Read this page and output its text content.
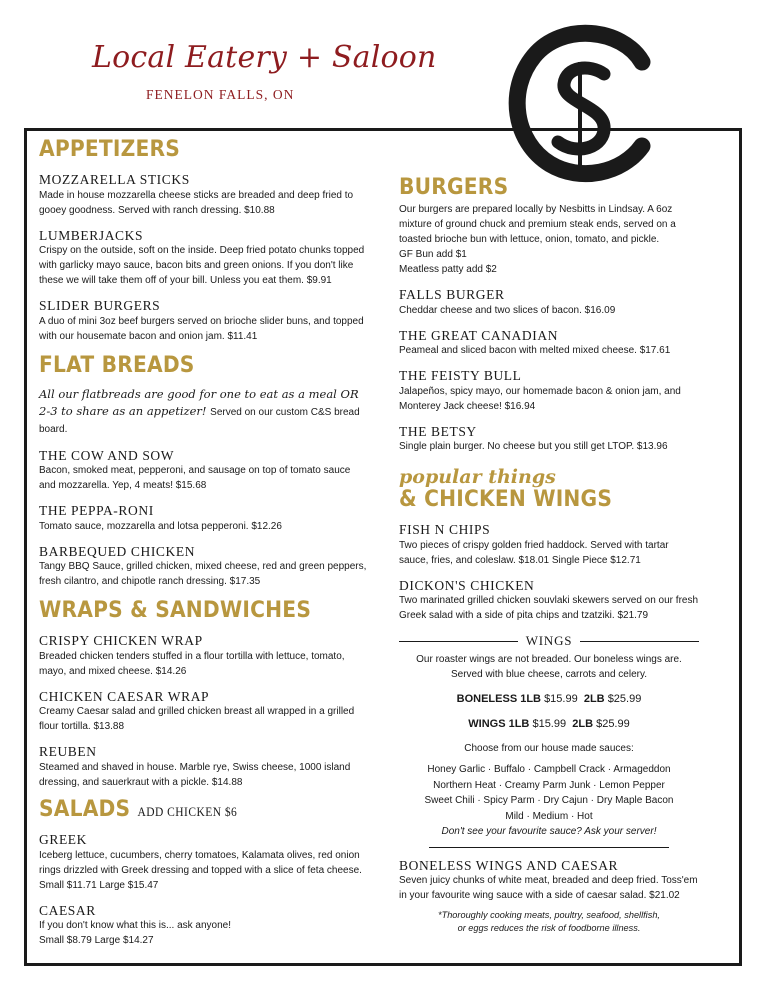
Local Eatery + Saloon
FENELON FALLS, ON
APPETIZERS
MOZZARELLA STICKS
Made in house mozzarella cheese sticks are breaded and deep fried to gooey goodness. Served with ranch dressing. $10.88
LUMBERJACKS
Crispy on the outside, soft on the inside. Deep fried potato chunks topped with garlicky mayo sauce, bacon bits and green onions. If you don't like these we will take them off of your bill. Unless you eat them. $9.91
SLIDER BURGERS
A duo of mini 3oz beef burgers served on brioche slider buns, and topped with our housemate bacon and onion jam. $11.41
FLAT BREADS
All our flatbreads are good for one to eat as a meal OR 2-3 to share as an appetizer! Served on our custom C&S bread board.
THE COW AND SOW
Bacon, smoked meat, pepperoni, and sausage on top of tomato sauce and mozzarella. Yep, 4 meats! $15.68
THE PEPPA-RONI
Tomato sauce, mozzarella and lotsa pepperoni. $12.26
BARBEQUED CHICKEN
Tangy BBQ Sauce, grilled chicken, mixed cheese, red and green peppers, fresh cilantro, and chipotle ranch dressing. $17.35
WRAPS & SANDWICHES
CRISPY CHICKEN WRAP
Breaded chicken tenders stuffed in a flour tortilla with lettuce, tomato, mayo, and mixed cheese. $14.26
CHICKEN CAESAR WRAP
Creamy Caesar salad and grilled chicken breast all wrapped in a grilled flour tortilla. $13.88
REUBEN
Steamed and shaved in house. Marble rye, Swiss cheese, 1000 island dressing, and sauerkraut with a pickle. $14.88
SALADS ADD CHICKEN $6
GREEK
Iceberg lettuce, cucumbers, cherry tomatoes, Kalamata olives, red onion rings drizzled with Greek dressing and topped with a slice of feta cheese.
Small $11.71 Large $15.47
CAESAR
If you don't know what this is... ask anyone!
Small $8.79 Large $14.27
BURGERS
Our burgers are prepared locally by Nesbitts in Lindsay. A 6oz mixture of ground chuck and premium steak ends, served on a toasted brioche bun with lettuce, onion, tomato, and pickle.
GF Bun add $1
Meatless patty add $2
FALLS BURGER
Cheddar cheese and two slices of bacon. $16.09
THE GREAT CANADIAN
Peameal and sliced bacon with melted mixed cheese. $17.61
THE FEISTY BULL
Jalapeños, spicy mayo, our homemade bacon & onion jam, and Monterey Jack cheese! $16.94
THE BETSY
Single plain burger. No cheese but you still get LTOP. $13.96
popular things
& CHICKEN WINGS
FISH N CHIPS
Two pieces of crispy golden fried haddock. Served with tartar sauce, fries, and coleslaw. $18.01 Single Piece $12.71
DICKON'S CHICKEN
Two marinated grilled chicken souvlaki skewers served on our fresh Greek salad with a side of pita chips and tzatziki. $21.79
WINGS
Our roaster wings are not breaded. Our boneless wings are.
Served with blue cheese, carrots and celery.
BONELESS 1LB $15.99 2LB $25.99
WINGS 1LB $15.99 2LB $25.99
Choose from our house made sauces:
Honey Garlic · Buffalo · Campbell Crack · Armageddon
Northern Heat · Creamy Parm Junk · Lemon Pepper
Sweet Chili · Spicy Parm · Dry Cajun · Dry Maple Bacon
Mild · Medium · Hot
Don't see your favourite sauce? Ask your server!
BONELESS WINGS AND CAESAR
Seven juicy chunks of white meat, breaded and deep fried. Toss'em in your favourite wing sauce with a side of caesar salad. $21.02
*Thoroughly cooking meats, poultry, seafood, shellfish,
or eggs reduces the risk of foodborne illness.
